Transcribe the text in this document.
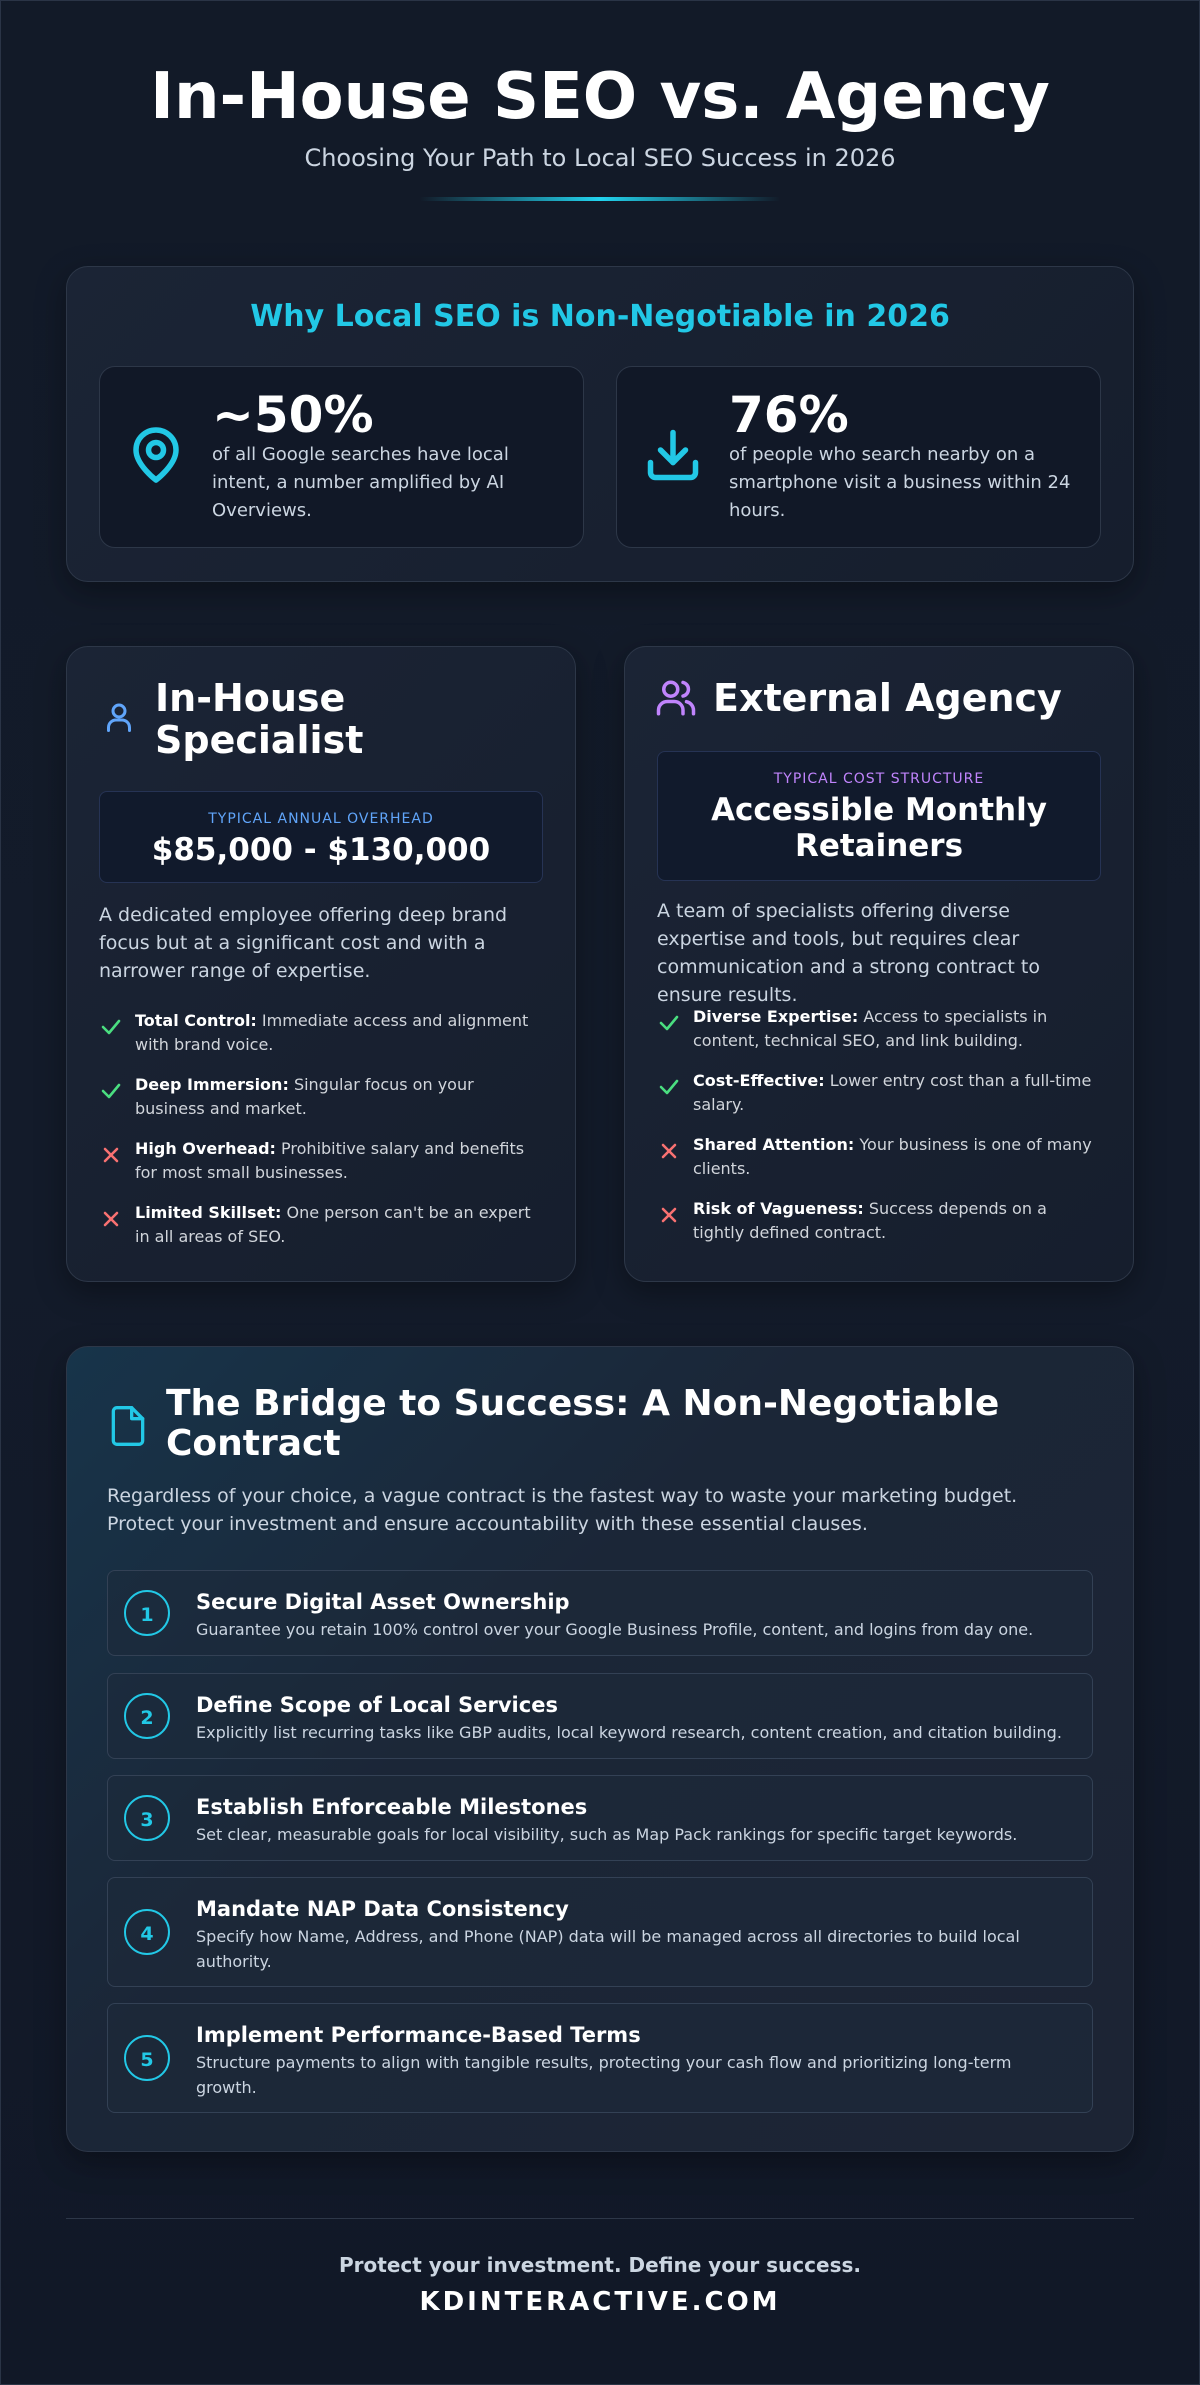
In-House SEO vs. Agency
Choosing Your Path to Local SEO Success in 2026
Why Local SEO is Non-Negotiable in 2026
~50%
of all Google searches have local intent, a number amplified by AI Overviews.
76%
of people who search nearby on a smartphone visit a business within 24 hours.
In-House Specialist
TYPICAL ANNUAL OVERHEAD
$85,000 - $130,000
A dedicated employee offering deep brand focus but at a significant cost and with a narrower range of expertise.
Total Control: Immediate access and alignment with brand voice.
Deep Immersion: Singular focus on your business and market.
High Overhead: Prohibitive salary and benefits for most small businesses.
Limited Skillset: One person can't be an expert in all areas of SEO.
External Agency
TYPICAL COST STRUCTURE
Accessible Monthly Retainers
A team of specialists offering diverse expertise and tools, but requires clear communication and a strong contract to ensure results.
Diverse Expertise: Access to specialists in content, technical SEO, and link building.
Cost-Effective: Lower entry cost than a full-time salary.
Shared Attention: Your business is one of many clients.
Risk of Vagueness: Success depends on a tightly defined contract.
The Bridge to Success: A Non-Negotiable Contract
Regardless of your choice, a vague contract is the fastest way to waste your marketing budget. Protect your investment and ensure accountability with these essential clauses.
1
Secure Digital Asset Ownership
Guarantee you retain 100% control over your Google Business Profile, content, and logins from day one.
2
Define Scope of Local Services
Explicitly list recurring tasks like GBP audits, local keyword research, content creation, and citation building.
3
Establish Enforceable Milestones
Set clear, measurable goals for local visibility, such as Map Pack rankings for specific target keywords.
4
Mandate NAP Data Consistency
Specify how Name, Address, and Phone (NAP) data will be managed across all directories to build local authority.
5
Implement Performance-Based Terms
Structure payments to align with tangible results, protecting your cash flow and prioritizing long-term growth.
Protect your investment. Define your success.
KDINTERACTIVE.COM
